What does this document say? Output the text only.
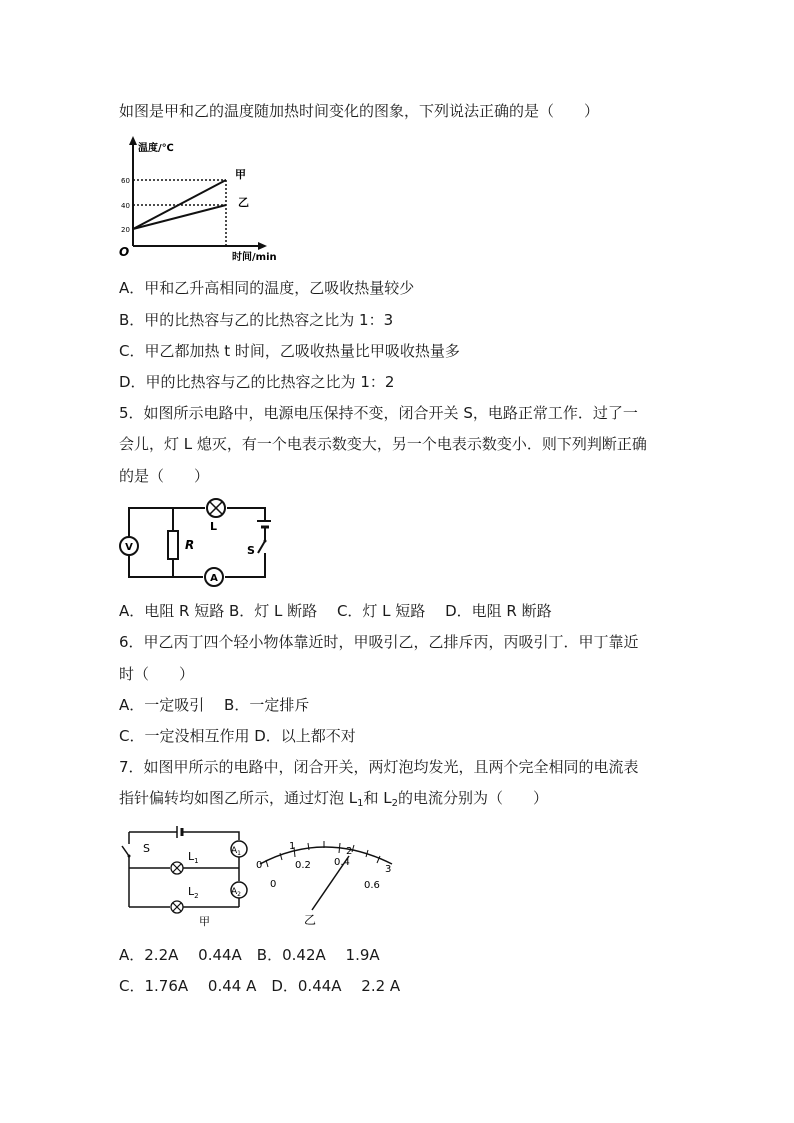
如图是甲和乙的温度随加热时间变化的图象，下列说法正确的是（　　）
温度/℃
60
40
20
O
甲
乙
时间/min
A．甲和乙升高相同的温度，乙吸收热量较少
B．甲的比热容与乙的比热容之比为 1：3
C．甲乙都加热 t 时间，乙吸收热量比甲吸收热量多
D．甲的比热容与乙的比热容之比为 1：2
5．如图所示电路中，电源电压保持不变，闭合开关 S，电路正常工作．过了一
会儿，灯 L 熄灭，有一个电表示数变大，另一个电表示数变小．则下列判断正确
的是（　　）
V	R
L
S
A
A．电阻 R 短路 B．灯 L 断路　 C．灯 L 短路　 D．电阻 R 断路
6．甲乙丙丁四个轻小物体靠近时，甲吸引乙，乙排斥丙，丙吸引丁．甲丁靠近
时（　　）
A．一定吸引　 B．一定排斥
C．一定没相互作用 D．以上都不对
7．如图甲所示的电路中，闭合开关，两灯泡均发光，且两个完全相同的电流表
指针偏转均如图乙所示，通过灯泡 $L_1$和 $L_2$的电流分别为（　　）
S	$A_1$
$L_1$
$A_2$
$L_2$
甲
0
1	2
3
0
0.2 0.4
0.6
乙
A．2.2A　 0.44A　B．0.42A　 1.9A
C．1.76A　 0.44 A　D．0.44A　 2.2 A
